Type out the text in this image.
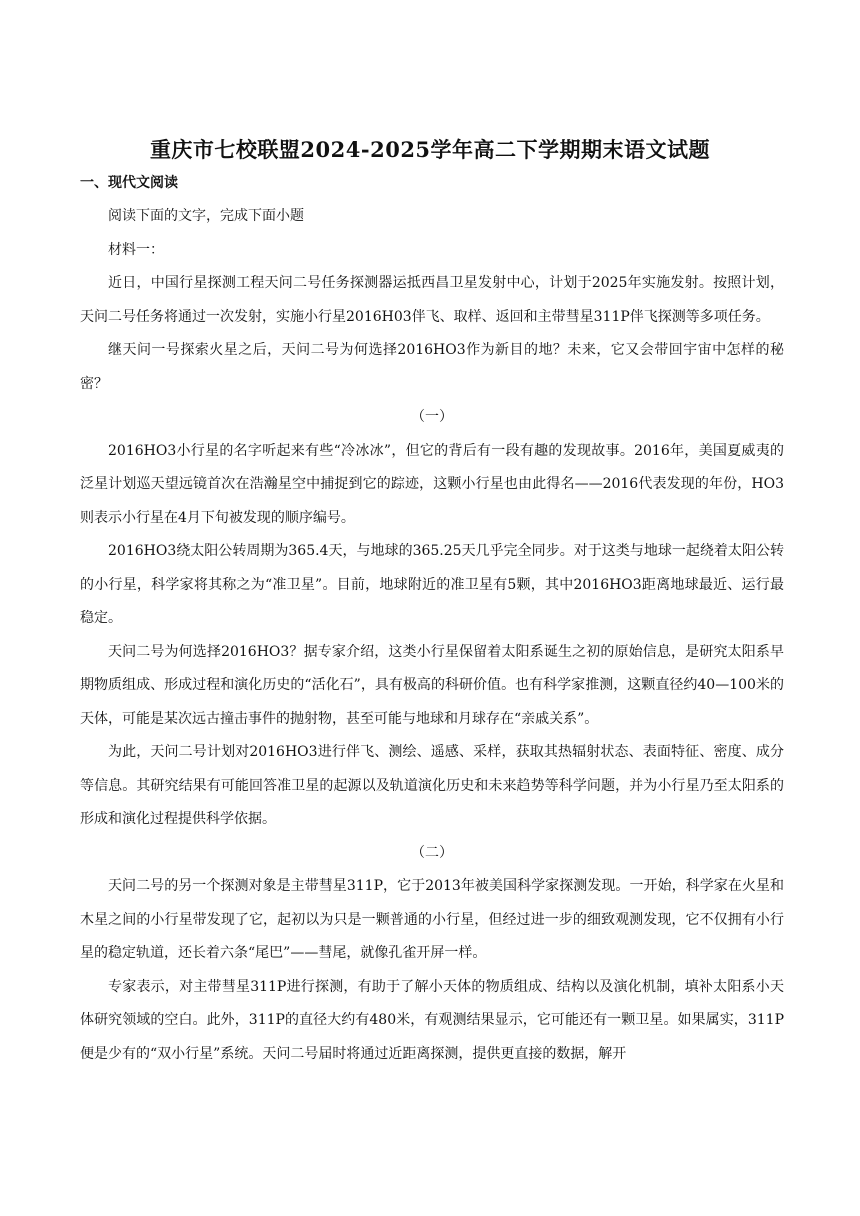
重庆市七校联盟2024-2025学年高二下学期期末语文试题
一、现代文阅读

阅读下面的文字，完成下面小题

材料一：

近日，中国行星探测工程天问二号任务探测器运抵西昌卫星发射中心，计划于2025年实施发射。按照计划，天问二号任务将通过一次发射，实施小行星2016H03伴飞、取样、返回和主带彗星311P伴飞探测等多项任务。

继天问一号探索火星之后，天问二号为何选择2016HO3作为新目的地？未来，它又会带回宇宙中怎样的秘密？

（一）

2016HO3小行星的名字听起来有些“冷冰冰”，但它的背后有一段有趣的发现故事。2016年，美国夏威夷的泛星计划巡天望远镜首次在浩瀚星空中捕捉到它的踪迹，这颗小行星也由此得名——2016代表发现的年份，HO3则表示小行星在4月下旬被发现的顺序编号。

2016HO3绕太阳公转周期为365.4天，与地球的365.25天几乎完全同步。对于这类与地球一起绕着太阳公转的小行星，科学家将其称之为“准卫星”。目前，地球附近的准卫星有5颗，其中2016HO3距离地球最近、运行最稳定。

天问二号为何选择2016HO3？据专家介绍，这类小行星保留着太阳系诞生之初的原始信息，是研究太阳系早期物质组成、形成过程和演化历史的“活化石”，具有极高的科研价值。也有科学家推测，这颗直径约40—100米的天体，可能是某次远古撞击事件的抛射物，甚至可能与地球和月球存在“亲戚关系”。

为此，天问二号计划对2016HO3进行伴飞、测绘、遥感、采样，获取其热辐射状态、表面特征、密度、成分等信息。其研究结果有可能回答准卫星的起源以及轨道演化历史和未来趋势等科学问题，并为小行星乃至太阳系的形成和演化过程提供科学依据。

（二）

天问二号的另一个探测对象是主带彗星311P，它于2013年被美国科学家探测发现。一开始，科学家在火星和木星之间的小行星带发现了它，起初以为只是一颗普通的小行星，但经过进一步的细致观测发现，它不仅拥有小行星的稳定轨道，还长着六条“尾巴”——彗尾，就像孔雀开屏一样。

专家表示，对主带彗星311P进行探测，有助于了解小天体的物质组成、结构以及演化机制，填补太阳系小天体研究领域的空白。此外，311P的直径大约有480米，有观测结果显示，它可能还有一颗卫星。如果属实，311P便是少有的“双小行星”系统。天问二号届时将通过近距离探测，提供更直接的数据，解开
